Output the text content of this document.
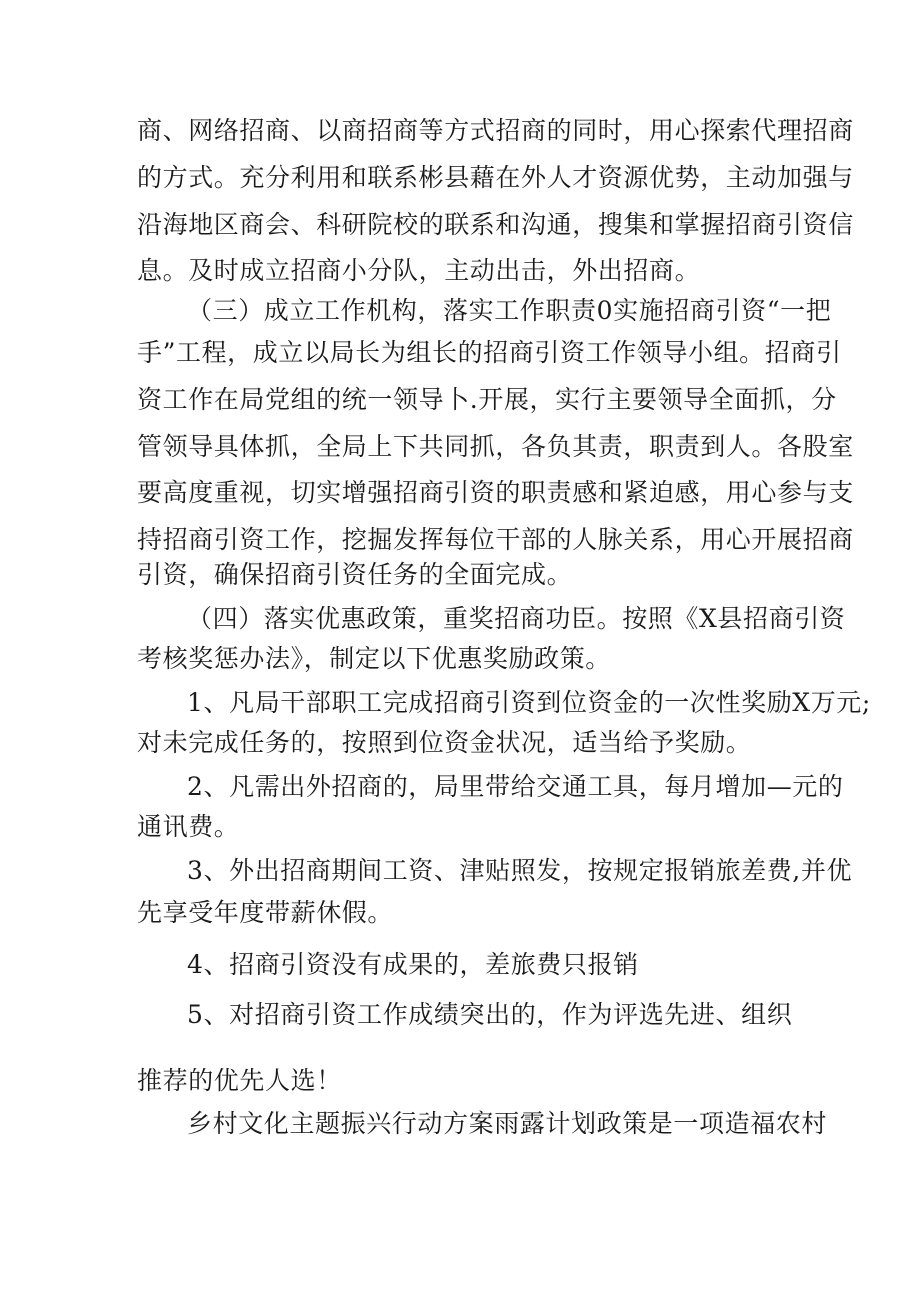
商、网络招商、以商招商等方式招商的同时，用心探索代理招商
的方式。充分利用和联系彬县藉在外人才资源优势，主动加强与
沿海地区商会、科研院校的联系和沟通，搜集和掌握招商引资信
息。及时成立招商小分队，主动出击，外出招商。
（三）成立工作机构，落实工作职责0实施招商引资“一把
手”工程，成立以局长为组长的招商引资工作领导小组。招商引
资工作在局党组的统一领导卜.开展，实行主要领导全面抓，分
管领导具体抓，全局上下共同抓，各负其责，职责到人。各股室
要高度重视，切实增强招商引资的职责感和紧迫感，用心参与支
持招商引资工作，挖掘发挥每位干部的人脉关系，用心开展招商
引资，确保招商引资任务的全面完成。
（四）落实优惠政策，重奖招商功臣。按照《X县招商引资
考核奖惩办法》，制定以下优惠奖励政策。
1、凡局干部职工完成招商引资到位资金的一次性奖励X万元;
对未完成任务的，按照到位资金状况，适当给予奖励。
2、凡需出外招商的，局里带给交通工具，每月增加—元的
通讯费。
3、外出招商期间工资、津贴照发，按规定报销旅差费,并优
先享受年度带薪休假。
4、招商引资没有成果的，差旅费只报销
5、对招商引资工作成绩突出的，作为评选先进、组织
推荐的优先人选！
乡村文化主题振兴行动方案雨露计划政策是一项造福农村
